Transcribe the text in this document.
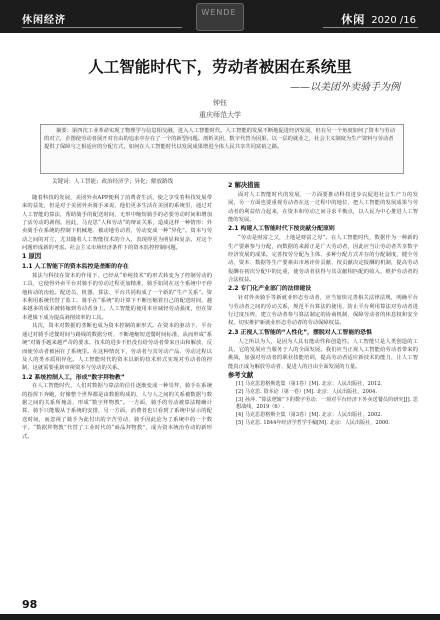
休闲经济
WENDE
休闲 2020 /16
人工智能时代下，劳动者被困在系统里
——以美团外卖骑手为例
钟钰
重庆师范大学
摘要：第四次工业革命实现了物理学与信息相交融，进入人工智能时代。人工智能的发展不断地促进经济发展，但在另一个角度如何了资本与劳动的对立，企图使劳动者展开对自由的追求中存在了一个的新型问题。剖析美团，数字代替为因果，以一层的就业之，社会主义制度为生产资料与劳动者提供了保障与之相适应的分配方式，如何在人工智能时代以发展成果增进全体人民共享共同富裕之路。
关键词：人工智能；政治经济学；异化；解放路线

随着科技的发展，美团外卖APP便利了消费者生活，使之享受着科技发展带来的益处，但是对于美团外卖骑手来说，他们更多生活在美团的系统里，通过对人工智能的算法，帮助骑手的配送时间，无形中缩短骑手的必要劳动时间和增加了活劳动的剥削。因此，马克思“人和劳动”的辩证关系，造成这样一种情形：外卖骑手在系统的控制下机械地、被动地劳动着，劳动变成一种“异化”。资本与劳动之间的对立，尤其随着人工智能技术的介入，表现得更为明显和复杂。对这个问题形成新的考虑。社会主义市场经济条件下的资本监控控制问题。

1 原因
1.1 人工智能下的资本监控是垄断的存在

算法与科技在资本的作用下，已经从“单纯技术”的形式转变为了控制劳动的工具，它使得外卖平台对骑手的劳动过程更加精准，骑手如同在这个系统中不停地转动的齿轮。配送员、机器、算法、平台共同构成了一个新的“生产关系”。资本利用系统代替了监工，骑手在“系统”的计算下不断压缩着自己的配送时间，越来越多的成本被转嫁到劳动者身上。人工智能的使用本应减轻劳动强度，但在资本逻辑下成为提高剥削效率的工具。

其次，资本对数据的垄断也成为资本控制的新形式。在资本的驱动下，平台通过对骑手送餐时间与路线的数据分析，不断地缩短送餐时间标准，从而形成“系统”对骑手越来越严苛的要求。技术的进步不但没有给劳动者带来自由和解放，反而使劳动者被困在了系统里。在这种情况下，劳动者与其劳动产品、劳动过程以及人的类本质相异化。人工智能时代的资本以新的技术形式实现对劳动者的控制，这就需要重新审视资本与劳动的关系。

1.2 系统控制人工，形成“数字拜物教”

在人工智能时代，人们对数据与算法的信任逐渐变成一种崇拜，骑手在系统的指挥下奔跑，好像整个世界都是由数据构成的，人与人之间的关系被数据与数据之间的关系所掩盖，形成“数字拜物教”。一方面，骑手的劳动被算法精确计算，骑手只能服从于系统的安排，另一方面，消费者也只看到了系统中显示的配送时间，而忽视了骑手为此付出的辛苦劳动，骑手因此沦为了系统中的一个数字。“数据拜物教”代替了工业时代的“商品拜物教”，成为资本统治劳动的新形式。

2 解决措施

面对人工智能时代的发展，一方面要推动科技进步以促进社会生产力的发展，另一方面也要重视劳动者在这一过程中的地位，把人工智能的发展成果与劳动者的利益结合起来，在资本和劳动之间寻求平衡点，以人民为中心推进人工智能的发展。

2.1 构建人工智能时代下按贡献分配原则

“劳动是财富之父，土地是财富之母”。在人工智能时代，数据作为一种新的生产要素参与分配，而数据的来源正是广大劳动者，因此应当让劳动者共享数字经济发展的成果。完善按劳分配为主体、多种分配方式并存的分配制度，健全劳动、资本、数据等生产要素由市场评价贡献、按贡献决定报酬的机制，提高劳动报酬在初次分配中的比重，使劳动者获得与其贡献相匹配的收入，维护劳动者的合法权益。

2.2 专门化产业部门的法律建设

针对外卖骑手等新就业形态劳动者，应当加快完善相关法律法规，明确平台与劳动者之间的劳动关系，规范平台算法的使用，防止平台利用算法对劳动者进行过度压榨，建立劳动者参与算法制定的协商机制，保障劳动者的休息权和安全权，切实维护新就业形态劳动者的劳动保障权益。

2.3 正视人工智能的“人性化”，摆脱对人工智能的恐惧

人之所以为人，是因为人具有能动性和创造性。人工智能只是人类创造的工具，它的发展应当服务于人的全面发展。我们应当正视人工智能给劳动者带来的挑战，加强对劳动者的职业技能培训，提高劳动者适应新技术的能力，让人工智能真正成为解放劳动者、促进人的自由全面发展的力量。

参考文献

[1] 马克思恩格斯选集（第1卷）[M]. 北京：人民出版社，2012.

[2] 马克思. 资本论（第一卷）[M]. 北京：人民出版社，2004.

[3] 孙萍. “算法逻辑”下的数字劳动：一项对平台经济下外卖送餐员的研究[J]. 思想战线，2019（6）.

[4] 马克思恩格斯全集（第3卷）[M]. 北京：人民出版社，2002.

[5] 马克思. 1844年经济学哲学手稿[M]. 北京：人民出版社，2000.

98
